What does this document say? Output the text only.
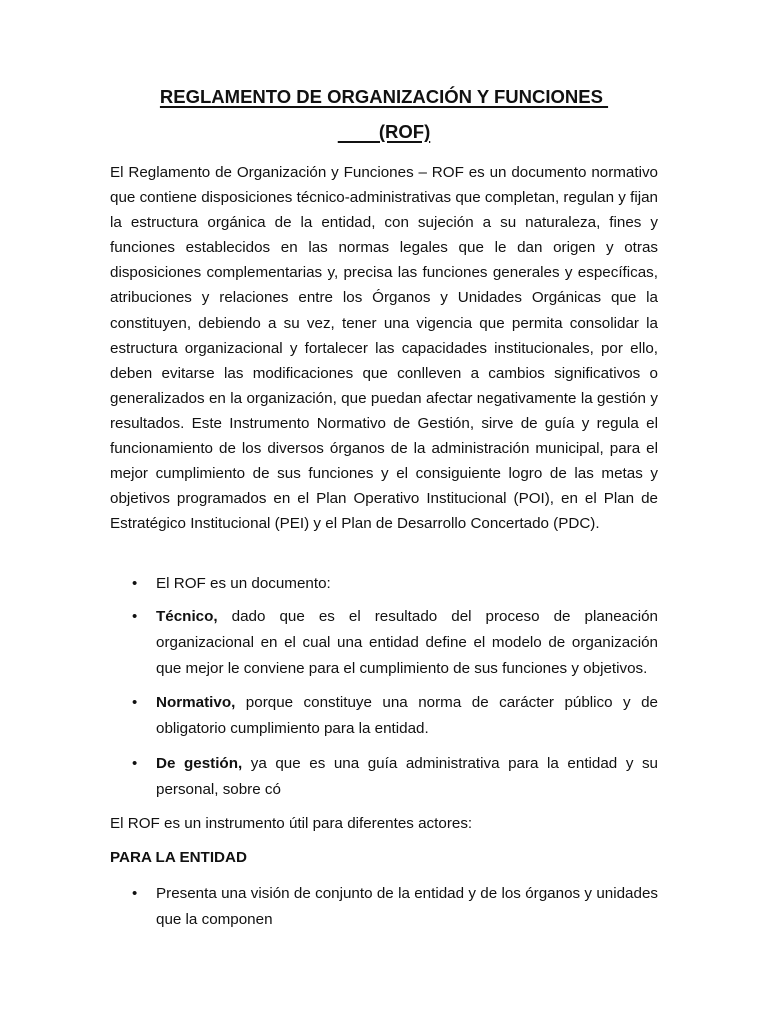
REGLAMENTO DE ORGANIZACIÓN Y FUNCIONES
(ROF)

El Reglamento de Organización y Funciones – ROF es un documento normativo que contiene disposiciones técnico-administrativas que completan, regulan y fijan la estructura orgánica de la entidad, con sujeción a su naturaleza, fines y funciones establecidos en las normas legales que le dan origen y otras disposiciones complementarias y, precisa las funciones generales y específicas, atribuciones y relaciones entre los Órganos y Unidades Orgánicas que la constituyen, debiendo a su vez, tener una vigencia que permita consolidar la estructura organizacional y fortalecer las capacidades institucionales, por ello, deben evitarse las modificaciones que conlleven a cambios significativos o generalizados en la organización, que puedan afectar negativamente la gestión y resultados. Este Instrumento Normativo de Gestión, sirve de guía y regula el funcionamiento de los diversos órganos de la administración municipal, para el mejor cumplimiento de sus funciones y el consiguiente logro de las metas y objetivos programados en el Plan Operativo Institucional (POI), en el Plan de Estratégico Institucional (PEI) y el Plan de Desarrollo Concertado (PDC).

• El ROF es un documento:
• Técnico, dado que es el resultado del proceso de planeación organizacional en el cual una entidad define el modelo de organización que mejor le conviene para el cumplimiento de sus funciones y objetivos.
• Normativo, porque constituye una norma de carácter público y de obligatorio cumplimiento para la entidad.
• De gestión, ya que es una guía administrativa para la entidad y su personal, sobre có

El ROF es un instrumento útil para diferentes actores:

PARA LA ENTIDAD

• Presenta una visión de conjunto de la entidad y de los órganos y unidades que la componen
